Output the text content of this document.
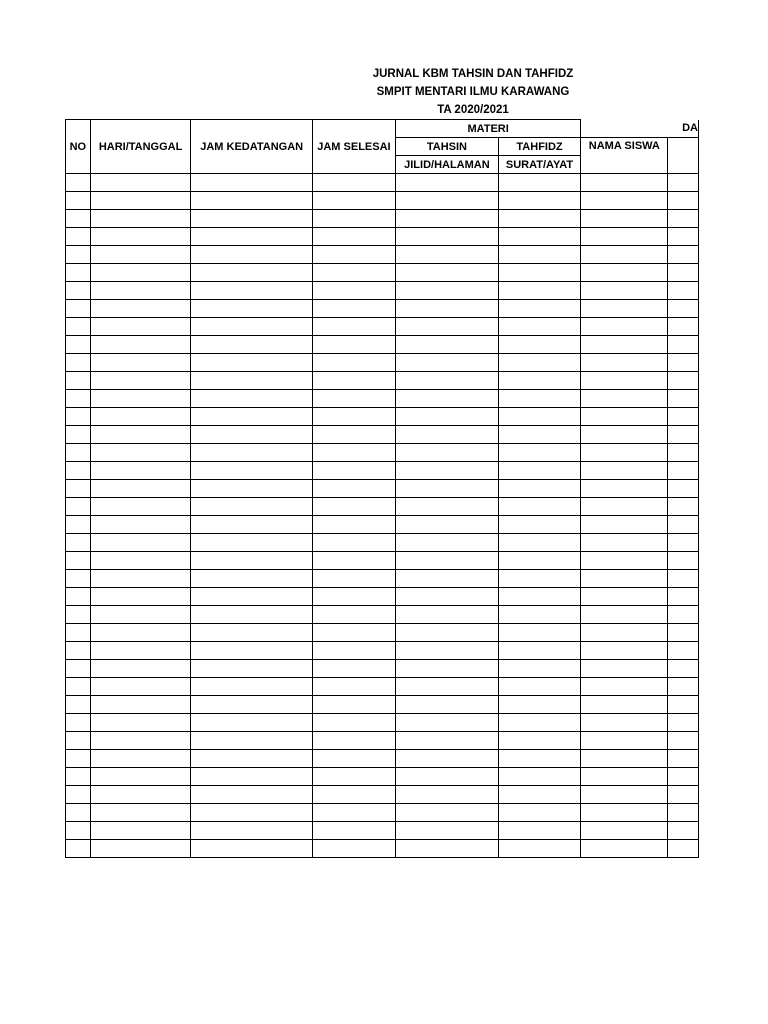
JURNAL KBM TAHSIN DAN TAHFIDZ
SMPIT MENTARI ILMU KARAWANG
TA 2020/2021
NO	HARI/TANGGAL	JAM KEDATANGAN	JAM SELESAI	MATERI		DA	
				TAHSIN	TAHFIDZ	NAMA SISWA	
				JILID/HALAMAN	SURAT/AYAT		
